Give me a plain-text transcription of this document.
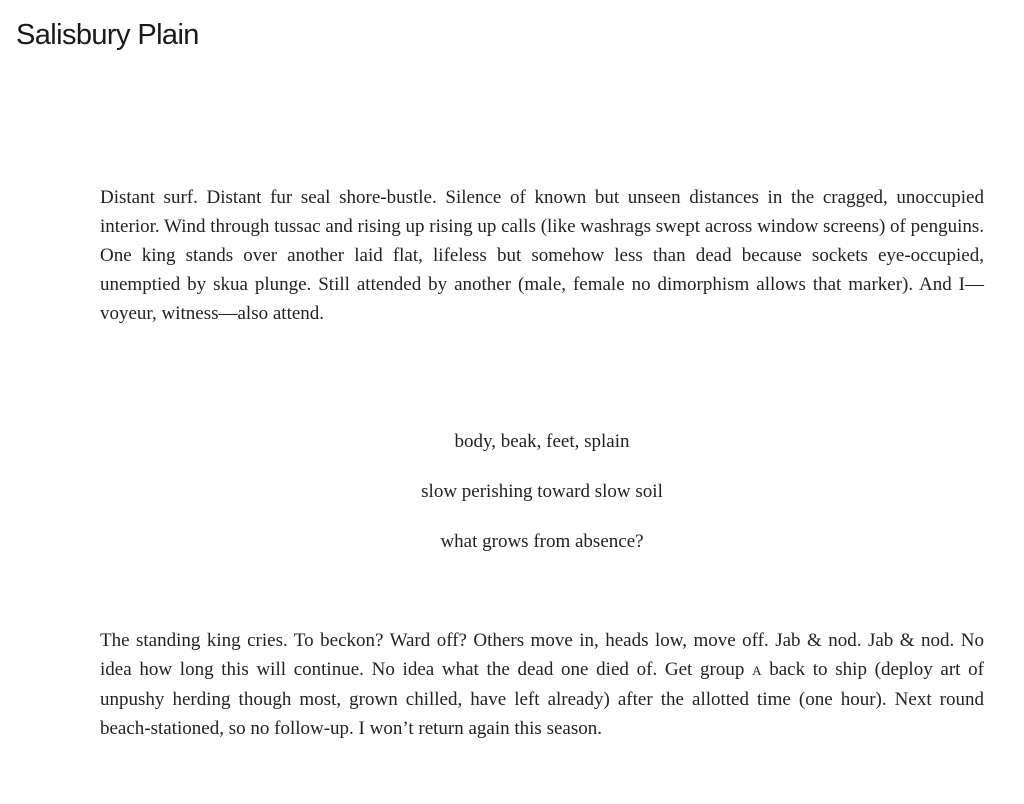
Salisbury Plain

Distant surf. Distant fur seal shore-bustle. Silence of known but unseen distances in the cragged, unoccupied interior. Wind through tussac and rising up rising up calls (like washrags swept across window screens) of penguins. One king stands over another laid flat, lifeless but somehow less than dead because sockets eye-occupied, unemptied by skua plunge. Still attended by another (male, female no dimorphism allows that marker). And I—voyeur, witness—also attend.

body, beak, feet, splain
slow perishing toward slow soil
what grows from absence?

The standing king cries. To beckon? Ward off? Others move in, heads low, move off. Jab & nod. Jab & nod. No idea how long this will continue. No idea what the dead one died of. Get group A back to ship (deploy art of unpushy herding though most, grown chilled, have left already) after the allotted time (one hour). Next round beach-stationed, so no follow-up. I won’t return again this season.
